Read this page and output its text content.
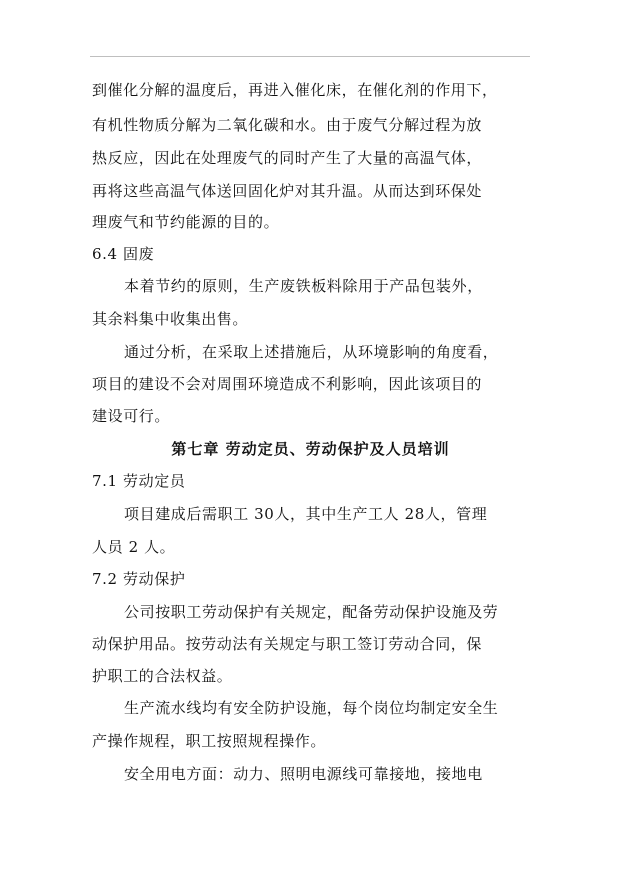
到催化分解的温度后，再进入催化床，在催化剂的作用下，
有机性物质分解为二氧化碳和水。由于废气分解过程为放
热反应，因此在处理废气的同时产生了大量的高温气体，
再将这些高温气体送回固化炉对其升温。从而达到环保处
理废气和节约能源的目的。
6.4 固废
本着节约的原则，生产废铁板料除用于产品包装外，
其余料集中收集出售。
通过分析，在采取上述措施后，从环境影响的角度看，
项目的建设不会对周围环境造成不利影响，因此该项目的
建设可行。
第七章 劳动定员、劳动保护及人员培训
7.1 劳动定员
项目建成后需职工 30人，其中生产工人 28人，管理
人员 2 人。
7.2 劳动保护
公司按职工劳动保护有关规定，配备劳动保护设施及劳
动保护用品。按劳动法有关规定与职工签订劳动合同，保
护职工的合法权益。
生产流水线均有安全防护设施，每个岗位均制定安全生
产操作规程，职工按照规程操作。
安全用电方面：动力、照明电源线可靠接地，接地电
